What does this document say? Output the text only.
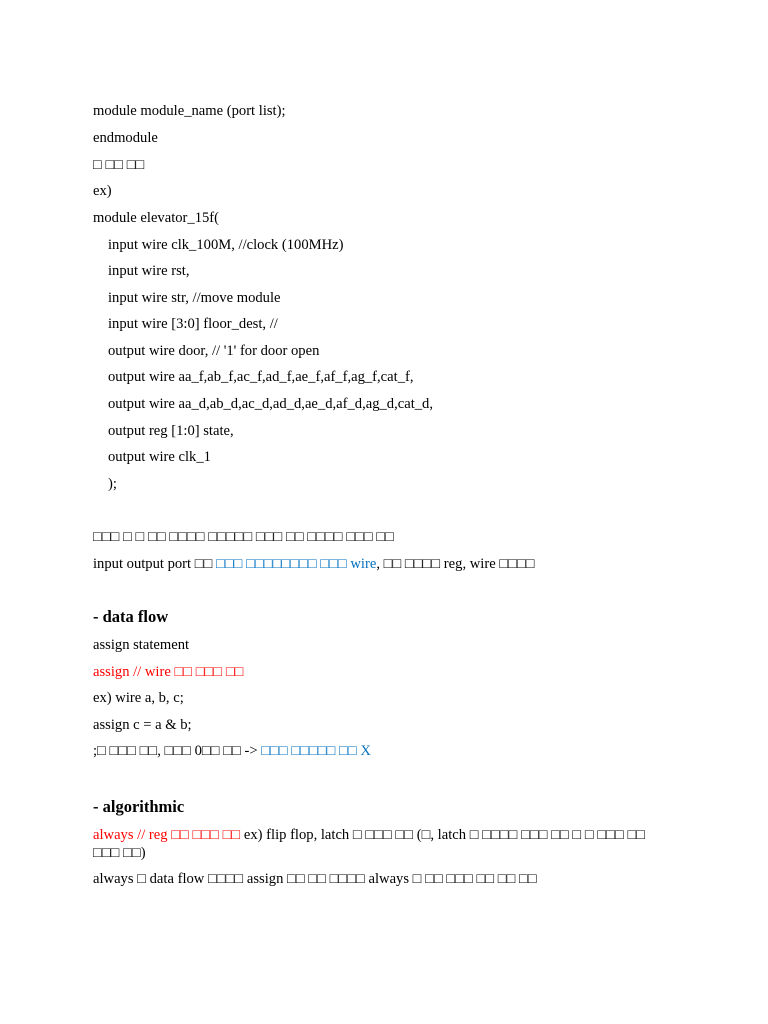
module module_name (port list);
endmodule
□ □□ □□
ex)
module elevator_15f(
input wire clk_100M, //clock (100MHz)
input wire rst,
input wire str, //move module
input wire [3:0] floor_dest, //
output wire door, // '1' for door open
output wire aa_f,ab_f,ac_f,ad_f,ae_f,af_f,ag_f,cat_f,
output wire aa_d,ab_d,ac_d,ad_d,ae_d,af_d,ag_d,cat_d,
output reg [1:0] state,
output wire clk_1
);
□□□ □ □ □□ □□□□ □□□□□ □□□ □□ □□□□ □□□ □□
input output port □□ □□□ □□□□□□□□ □□□ wire, □□ □□□□ reg, wire □□□□
- data flow
assign statement
assign // wire □□ □□□ □□
ex) wire a, b, c;
assign c = a & b;
;□ □□□ □□, □□□ 0□□ □□ -> □□□ □□□□□ □□ X
- algorithmic
always // reg □□ □□□ □□ ex) flip flop, latch □ □□□ □□ (□, latch □ □□□□ □□□ □□ □ □ □□□ □□ □□□ □□)
always □ data flow □□□□ assign □□ □□ □□□□ always □ □□ □□□ □□ □□ □□
